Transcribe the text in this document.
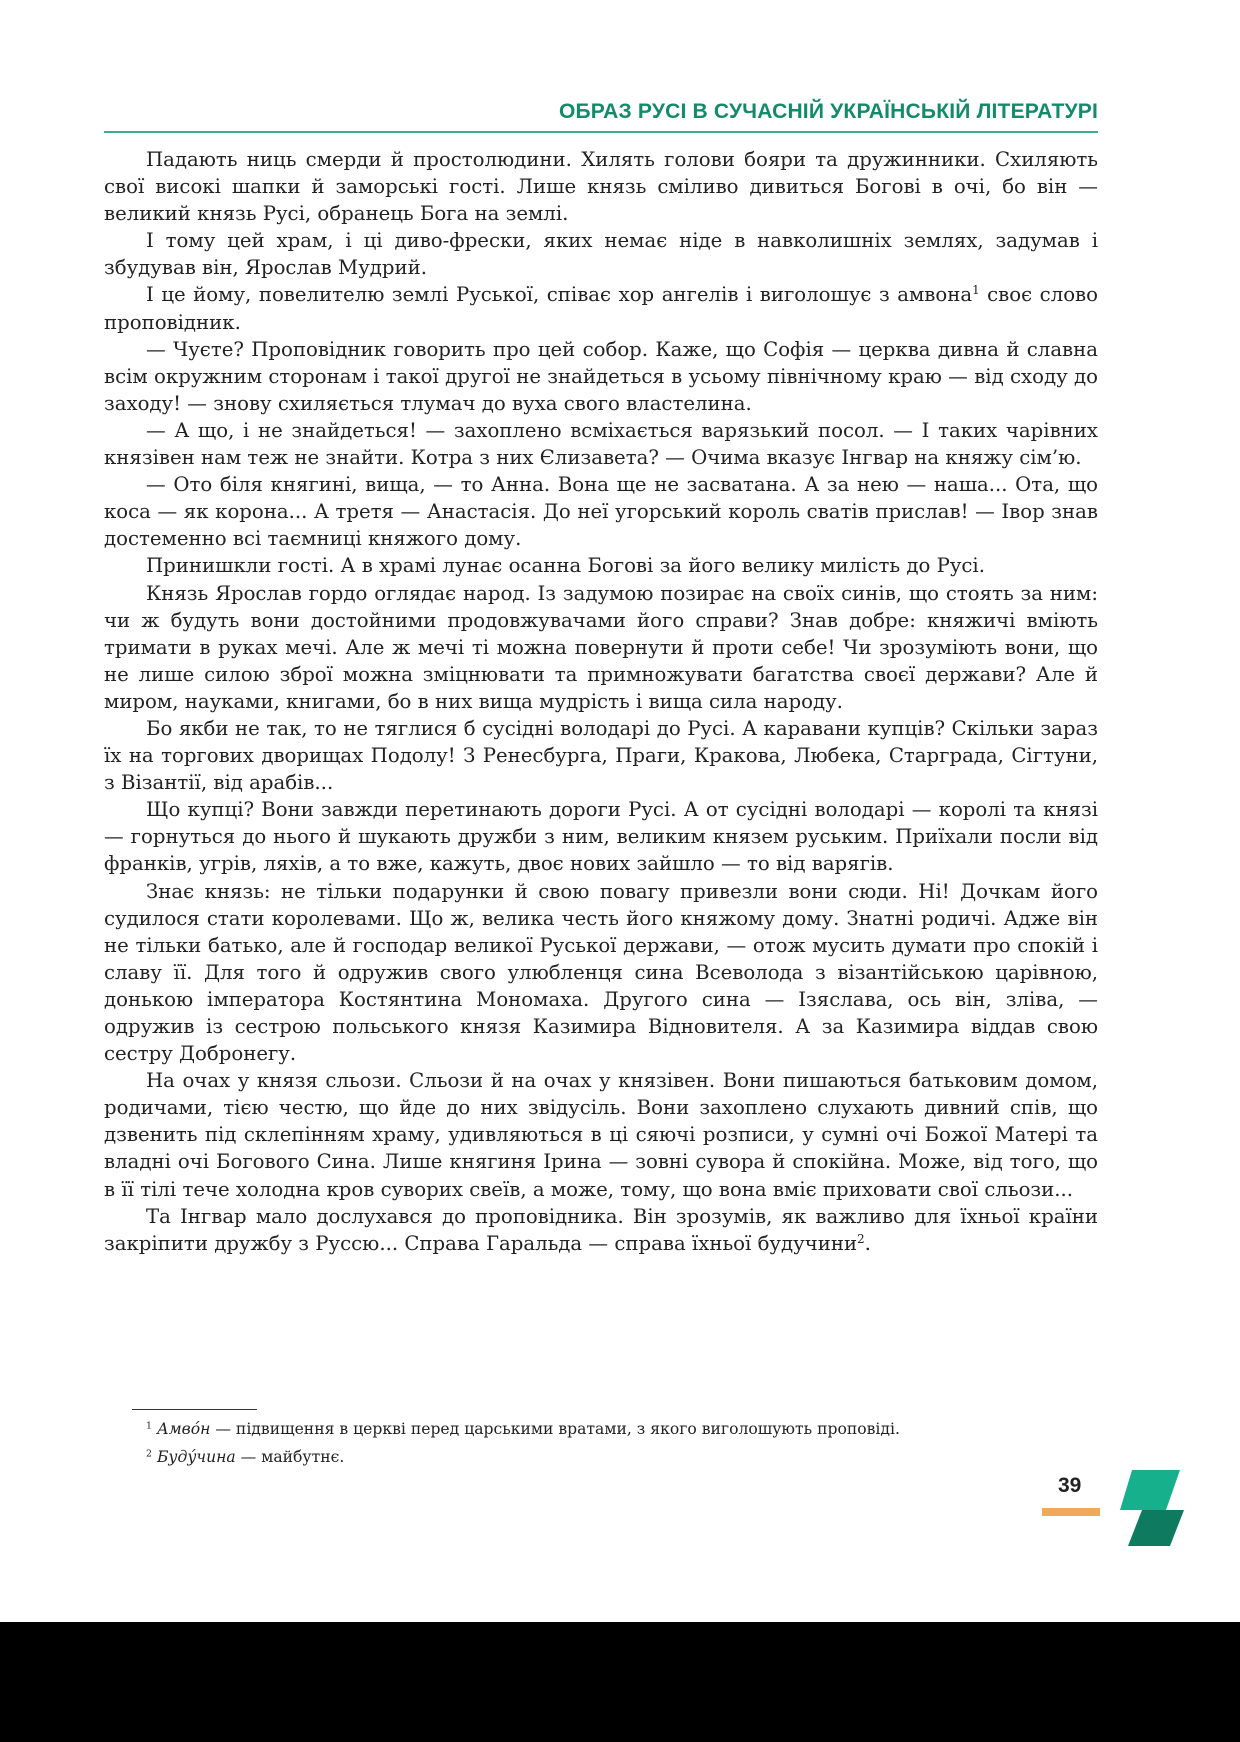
ОБРАЗ РУСІ В СУЧАСНІЙ УКРАЇНСЬКІЙ ЛІТЕРАТУРІ

Падають ниць смерди й простолюдини. Хилять голови бояри та дружинники. Схиляють свої високі шапки й заморські гості. Лише князь сміливо дивиться Богові в очі, бо він — великий князь Русі, обранець Бога на землі.

І тому цей храм, і ці диво-фрески, яких немає ніде в навколишніх землях, задумав і збудував він, Ярослав Мудрий.

І це йому, повелителю землі Руської, співає хор ангелів і виголошує з амвона$^1$ своє слово проповідник.

— Чуєте? Проповідник говорить про цей собор. Каже, що Софія — церква дивна й славна всім окружним сторонам і такої другої не знайдеться в усьому північному краю — від сходу до заходу! — знову схиляється тлумач до вуха свого властелина.

— А що, і не знайдеться! — захоплено всміхається варязький посол. — І таких чарівних князівен нам теж не знайти. Котра з них Єлизавета? — Очима вказує Інгвар на княжу сім’ю.

— Ото біля княгині, вища, — то Анна. Вона ще не засватана. А за нею — наша... Ота, що коса — як корона... А третя — Анастасія. До неї угорський король сватів прислав! — Івор знав достеменно всі таємниці княжого дому.

Принишкли гості. А в храмі лунає осанна Богові за його велику милість до Русі.

Князь Ярослав гордо оглядає народ. Із задумою позирає на своїх синів, що стоять за ним: чи ж будуть вони достойними продовжувачами його справи? Знав добре: княжичі вміють тримати в руках мечі. Але ж мечі ті можна повернути й проти себе! Чи зрозуміють вони, що не лише силою зброї можна зміцнювати та примножувати багатства своєї держави? Але й миром, науками, книгами, бо в них вища мудрість і вища сила народу.

Бо якби не так, то не тяглися б сусідні володарі до Русі. А каравани купців? Скільки зараз їх на торгових дворищах Подолу! З Ренесбурга, Праги, Кракова, Любека, Старграда, Сігтуни, з Візантії, від арабів...

Що купці? Вони завжди перетинають дороги Русі. А от сусідні володарі — королі та князі — горнуться до нього й шукають дружби з ним, великим князем руським. Приїхали посли від франків, угрів, ляхів, а то вже, кажуть, двоє нових зайшло — то від варягів.

Знає князь: не тільки подарунки й свою повагу привезли вони сюди. Ні! Дочкам його судилося стати королевами. Що ж, велика честь його княжому дому. Знатні родичі. Адже він не тільки батько, але й господар великої Руської держави, — отож мусить думати про спокій і славу її. Для того й одружив свого улюбленця сина Всеволода з візантійською царівною, донькою імператора Костянтина Мономаха. Другого сина — Ізяслава, ось він, зліва, — одружив із сестрою польського князя Казимира Відновителя. А за Казимира віддав свою сестру Добронегу.

На очах у князя сльози. Сльози й на очах у князівен. Вони пишаються батьковим домом, родичами, тією честю, що йде до них звідусіль. Вони захоплено слухають дивний спів, що дзвенить під склепінням храму, удивляються в ці сяючі розписи, у сумні очі Божої Матері та владні очі Богового Сина. Лише княгиня Ірина — зовні сувора й спокійна. Може, від того, що в її тілі тече холодна кров суворих свеїв, а може, тому, що вона вміє приховати свої сльози...

Та Інгвар мало дослухався до проповідника. Він зрозумів, як важливо для їхньої країни закріпити дружбу з Руссю... Справа Гаральда — справа їхньої будучини$^2$.

$^1$ Амво́н — підвищення в церкві перед царськими вратами, з якого виголошують проповіді.

$^2$ Буду́чина — майбутнє.

39
